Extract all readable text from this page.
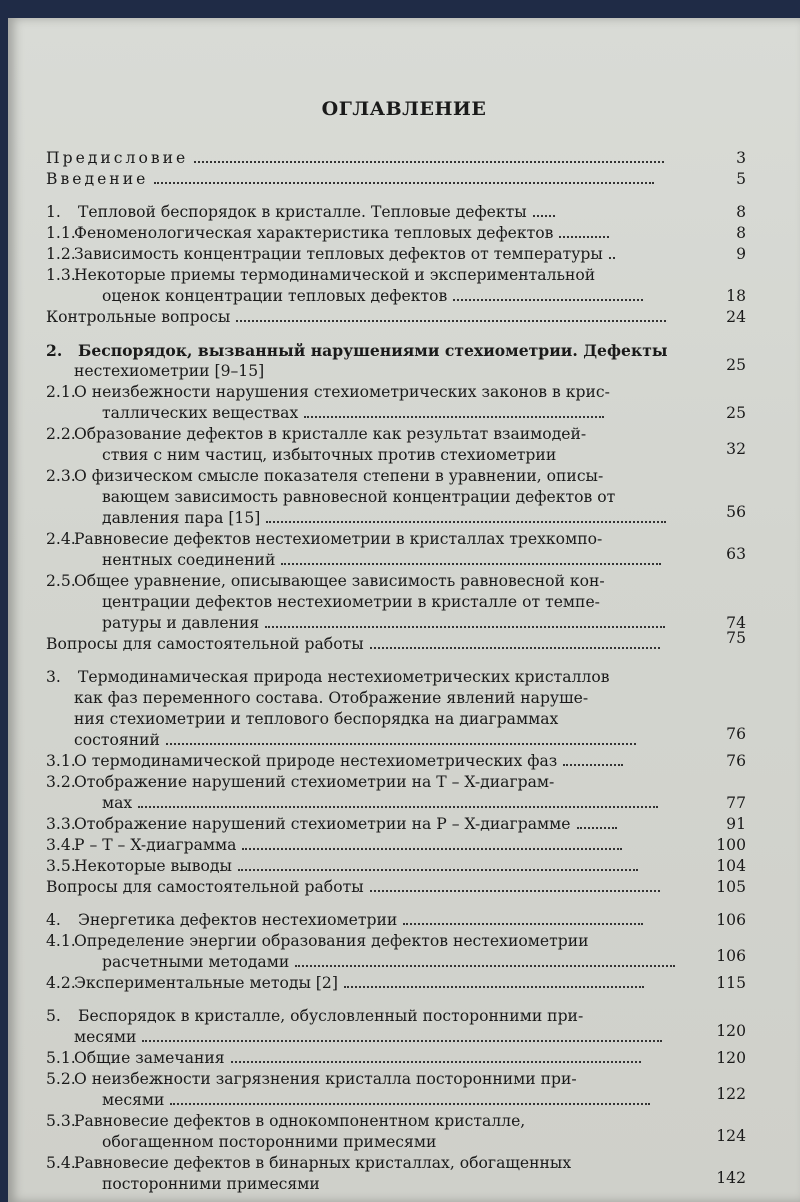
ОГЛАВЛЕНИЕ
Предисловие	3
Введение	5
1. Тепловой беспорядок в кристалле. Тепловые дефекты	8
1.1.
Феноменологическая характеристика тепловых дефектов	8
1.2.
Зависимость концентрации тепловых дефектов от температуры	9
1.3.
Некоторые приемы термодинамической и экспериментальной
оценок концентрации тепловых дефектов	18
Контрольные вопросы	24
2. Беспорядок, вызванный нарушениями стехиометрии. Дефекты
нестехиометрии [9–15]	25
2.1.
О неизбежности нарушения стехиометрических законов в крис-
таллических веществах	25
2.2.
Образование дефектов в кристалле как результат взаимодей-
ствия с ним частиц, избыточных против стехиометрии	32
2.3.
О физическом смысле показателя степени в уравнении, описы-
вающем зависимость равновесной концентрации дефектов от
давления пара [15]	56
2.4.
Равновесие дефектов нестехиометрии в кристаллах трехкомпо-
нентных соединений	63
2.5.
Общее уравнение, описывающее зависимость равновесной кон-
центрации дефектов нестехиометрии в кристалле от темпе-
ратуры и давления	74
Вопросы для самостоятельной работы	75
3. Термодинамическая природа нестехиометрических кристаллов
как фаз переменного состава. Отображение явлений наруше-
ния стехиометрии и теплового беспорядка на диаграммах
состояний	76
3.1.
О термодинамической природе нестехиометрических фаз	76
3.2.
Отображение нарушений стехиометрии на T – X-диаграм-
мах	77
3.3.
Отображение нарушений стехиометрии на P – X-диаграмме	91
3.4.
P – T – X-диаграмма	100
3.5.
Некоторые выводы	104
Вопросы для самостоятельной работы	105
4. Энергетика дефектов нестехиометрии	106
4.1.
Определение энергии образования дефектов нестехиометрии
расчетными методами	106
4.2.
Экспериментальные методы [2]	115
5. Беспорядок в кристалле, обусловленный посторонними при-
месями	120
5.1.
Общие замечания	120
5.2.
О неизбежности загрязнения кристалла посторонними при-
месями	122
5.3.
Равновесие дефектов в однокомпонентном кристалле,
обогащенном посторонними примесями	124
5.4.
Равновесие дефектов в бинарных кристаллах, обогащенных
посторонними примесями	142
